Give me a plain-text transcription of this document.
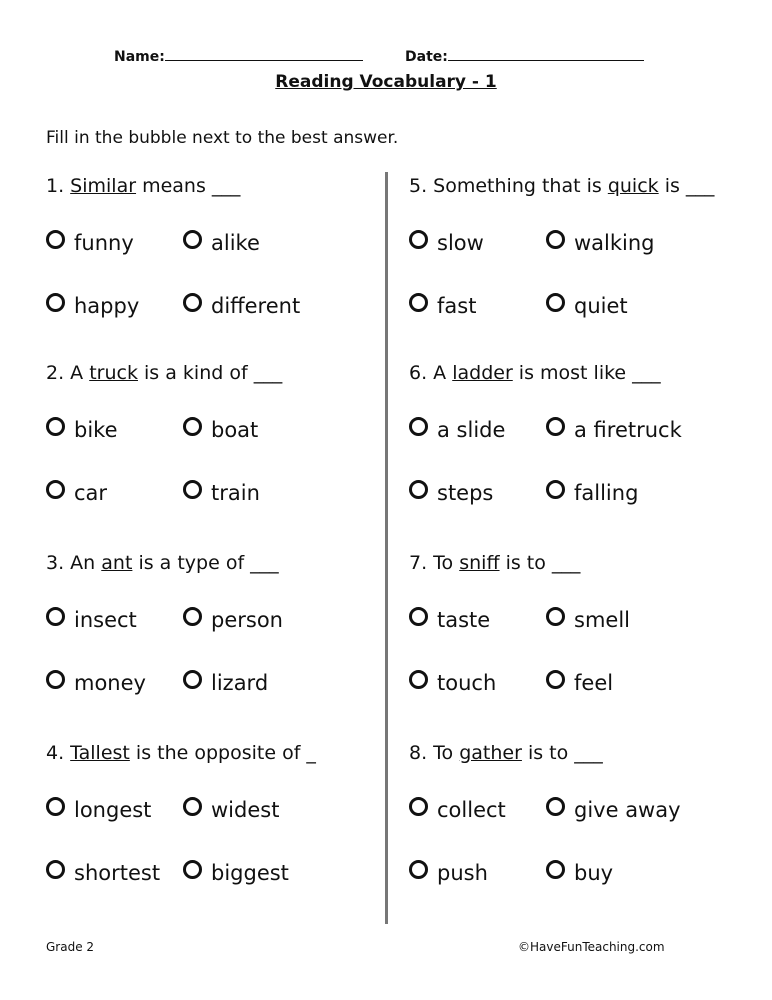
Name:	Date:
Reading Vocabulary - 1
Fill in the bubble next to the best answer.
1. Similar means ___
funny	alike
happy	different
2. A truck is a kind of ___
bike	boat
car	train
3. An ant is a type of ___
insect	person
money	lizard
4. Tallest is the opposite of _
longest	widest
shortest biggest
5. Something that is quick is ___
slow	walking
fast	quiet
6. A ladder is most like ___
a slide	a firetruck
steps	falling
7. To sniff is to ___
taste	smell
touch	feel
8. To gather is to ___
collect	give away
push	buy
Grade 2	©HaveFunTeaching.com
